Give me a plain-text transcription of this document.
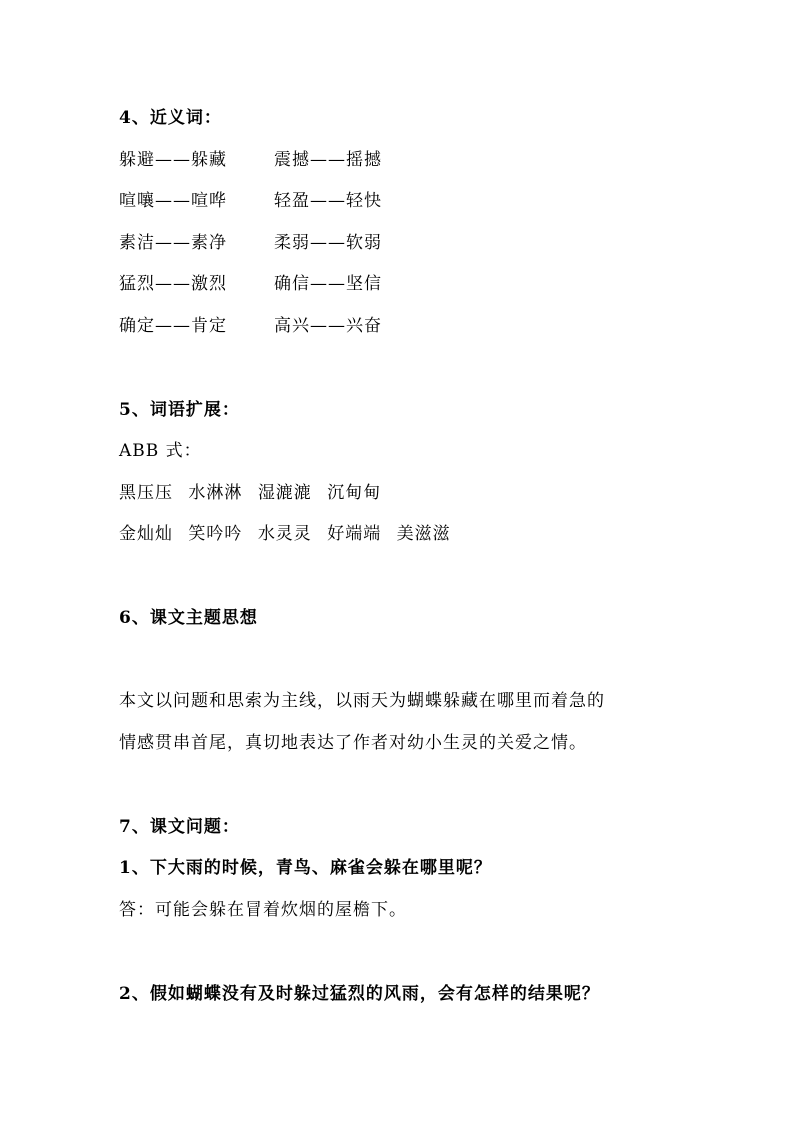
4、近义词：
躲避——躲藏	震撼——摇撼
喧嚷——喧哗	轻盈——轻快
素洁——素净	柔弱——软弱
猛烈——激烈	确信——坚信
确定——肯定	高兴——兴奋
5、词语扩展：
ABB 式：
黑压压 水淋淋 湿漉漉 沉甸甸
金灿灿 笑吟吟 水灵灵 好端端 美滋滋
6、课文主题思想
本文以问题和思索为主线，以雨天为蝴蝶躲藏在哪里而着急的
情感贯串首尾，真切地表达了作者对幼小生灵的关爱之情。
7、课文问题：
1、下大雨的时候，青鸟、麻雀会躲在哪里呢？
答：可能会躲在冒着炊烟的屋檐下。
2、假如蝴蝶没有及时躲过猛烈的风雨，会有怎样的结果呢？
